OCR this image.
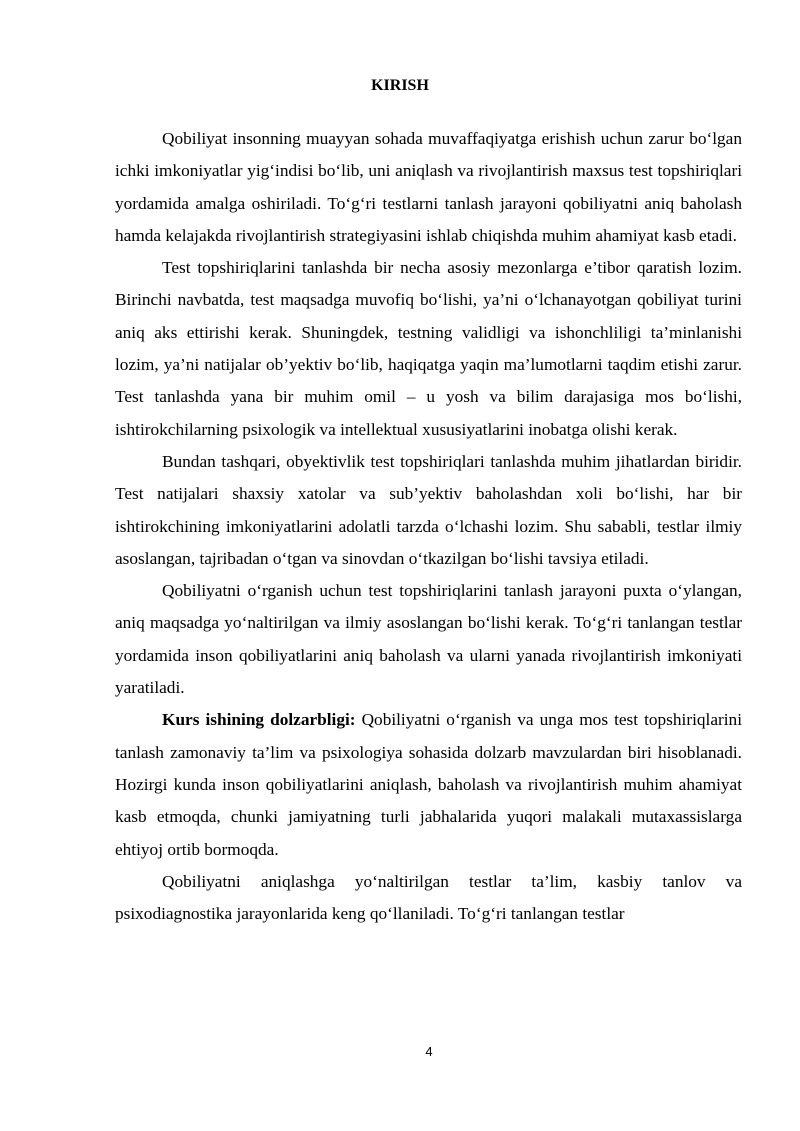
KIRISH

Qobiliyat insonning muayyan sohada muvaffaqiyatga erishish uchun zarur bo‘lgan ichki imkoniyatlar yig‘indisi bo‘lib, uni aniqlash va rivojlantirish maxsus test topshiriqlari yordamida amalga oshiriladi. To‘g‘ri testlarni tanlash jarayoni qobiliyatni aniq baholash hamda kelajakda rivojlantirish strategiyasini ishlab chiqishda muhim ahamiyat kasb etadi.

Test topshiriqlarini tanlashda bir necha asosiy mezonlarga e’tibor qaratish lozim. Birinchi navbatda, test maqsadga muvofiq bo‘lishi, ya’ni o‘lchanayotgan qobiliyat turini aniq aks ettirishi kerak. Shuningdek, testning validligi va ishonchliligi ta’minlanishi lozim, ya’ni natijalar ob’yektiv bo‘lib, haqiqatga yaqin ma’lumotlarni taqdim etishi zarur. Test tanlashda yana bir muhim omil – u yosh va bilim darajasiga mos bo‘lishi, ishtirokchilarning psixologik va intellektual xususiyatlarini inobatga olishi kerak.

Bundan tashqari, obyektivlik test topshiriqlari tanlashda muhim jihatlardan biridir. Test natijalari shaxsiy xatolar va sub’yektiv baholashdan xoli bo‘lishi, har bir ishtirokchining imkoniyatlarini adolatli tarzda o‘lchashi lozim. Shu sababli, testlar ilmiy asoslangan, tajribadan o‘tgan va sinovdan o‘tkazilgan bo‘lishi tavsiya etiladi.

Qobiliyatni o‘rganish uchun test topshiriqlarini tanlash jarayoni puxta o‘ylangan, aniq maqsadga yo‘naltirilgan va ilmiy asoslangan bo‘lishi kerak. To‘g‘ri tanlangan testlar yordamida inson qobiliyatlarini aniq baholash va ularni yanada rivojlantirish imkoniyati yaratiladi.

Kurs ishining dolzarbligi: Qobiliyatni o‘rganish va unga mos test topshiriqlarini tanlash zamonaviy ta’lim va psixologiya sohasida dolzarb mavzulardan biri hisoblanadi. Hozirgi kunda inson qobiliyatlarini aniqlash, baholash va rivojlantirish muhim ahamiyat kasb etmoqda, chunki jamiyatning turli jabhalarida yuqori malakali mutaxassislarga ehtiyoj ortib bormoqda.

Qobiliyatni aniqlashga yo‘naltirilgan testlar ta’lim, kasbiy tanlov va psixodiagnostika jarayonlarida keng qo‘llaniladi. To‘g‘ri tanlangan testlar

4
